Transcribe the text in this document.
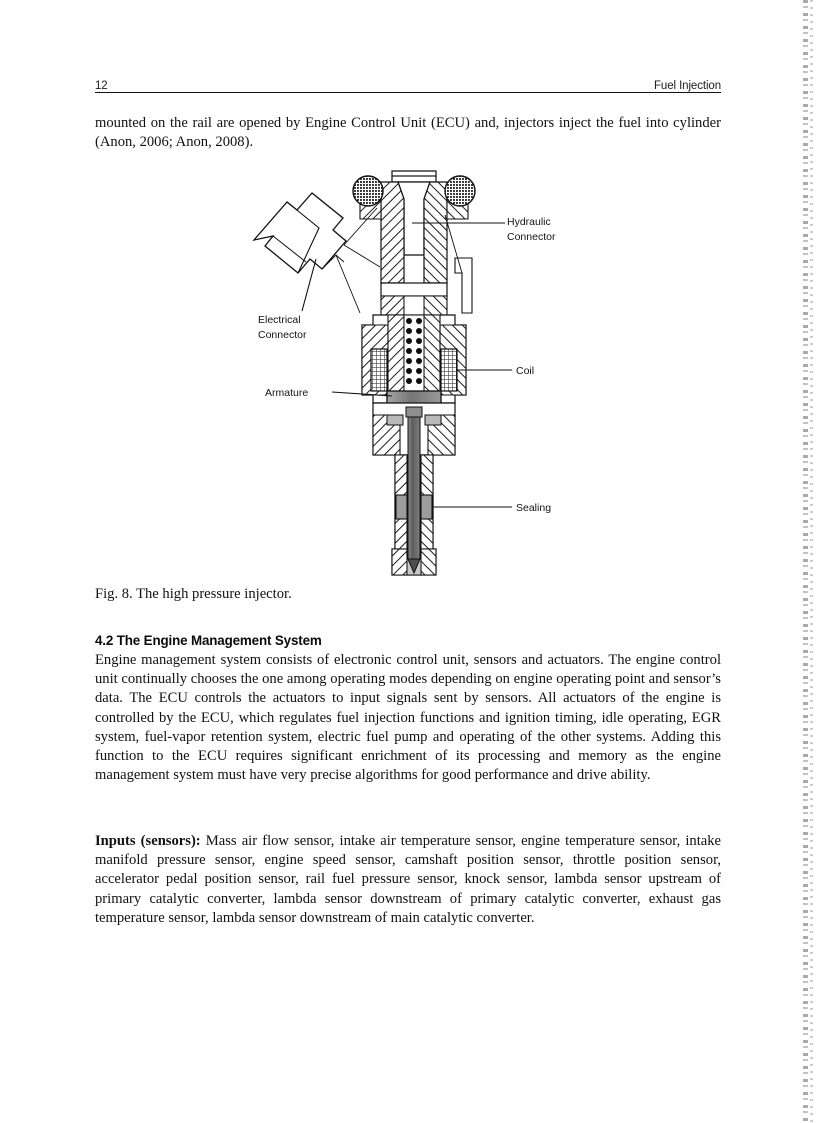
12	Fuel Injection
mounted on the rail are opened by Engine Control Unit (ECU) and, injectors inject the fuel into cylinder (Anon, 2006; Anon, 2008).
Hydraulic
Connector
Electrical
Connector
Coil
Armature
Sealing
Fig. 8. The high pressure injector.
4.2 The Engine Management System
Engine management system consists of electronic control unit, sensors and actuators. The engine control unit continually chooses the one among operating modes depending on engine operating point and sensor’s data. The ECU controls the actuators to input signals sent by sensors. All actuators of the engine is controlled by the ECU, which regulates fuel injection functions and ignition timing, idle operating, EGR system, fuel-vapor retention system, electric fuel pump and operating of the other systems. Adding this function to the ECU requires significant enrichment of its processing and memory as the engine management system must have very precise algorithms for good performance and drive ability.
Inputs (sensors): Mass air flow sensor, intake air temperature sensor, engine temperature sensor, intake manifold pressure sensor, engine speed sensor, camshaft position sensor, throttle position sensor, accelerator pedal position sensor, rail fuel pressure sensor, knock sensor, lambda sensor upstream of primary catalytic converter, lambda sensor downstream of primary catalytic converter, exhaust gas temperature sensor, lambda sensor downstream of main catalytic converter.
